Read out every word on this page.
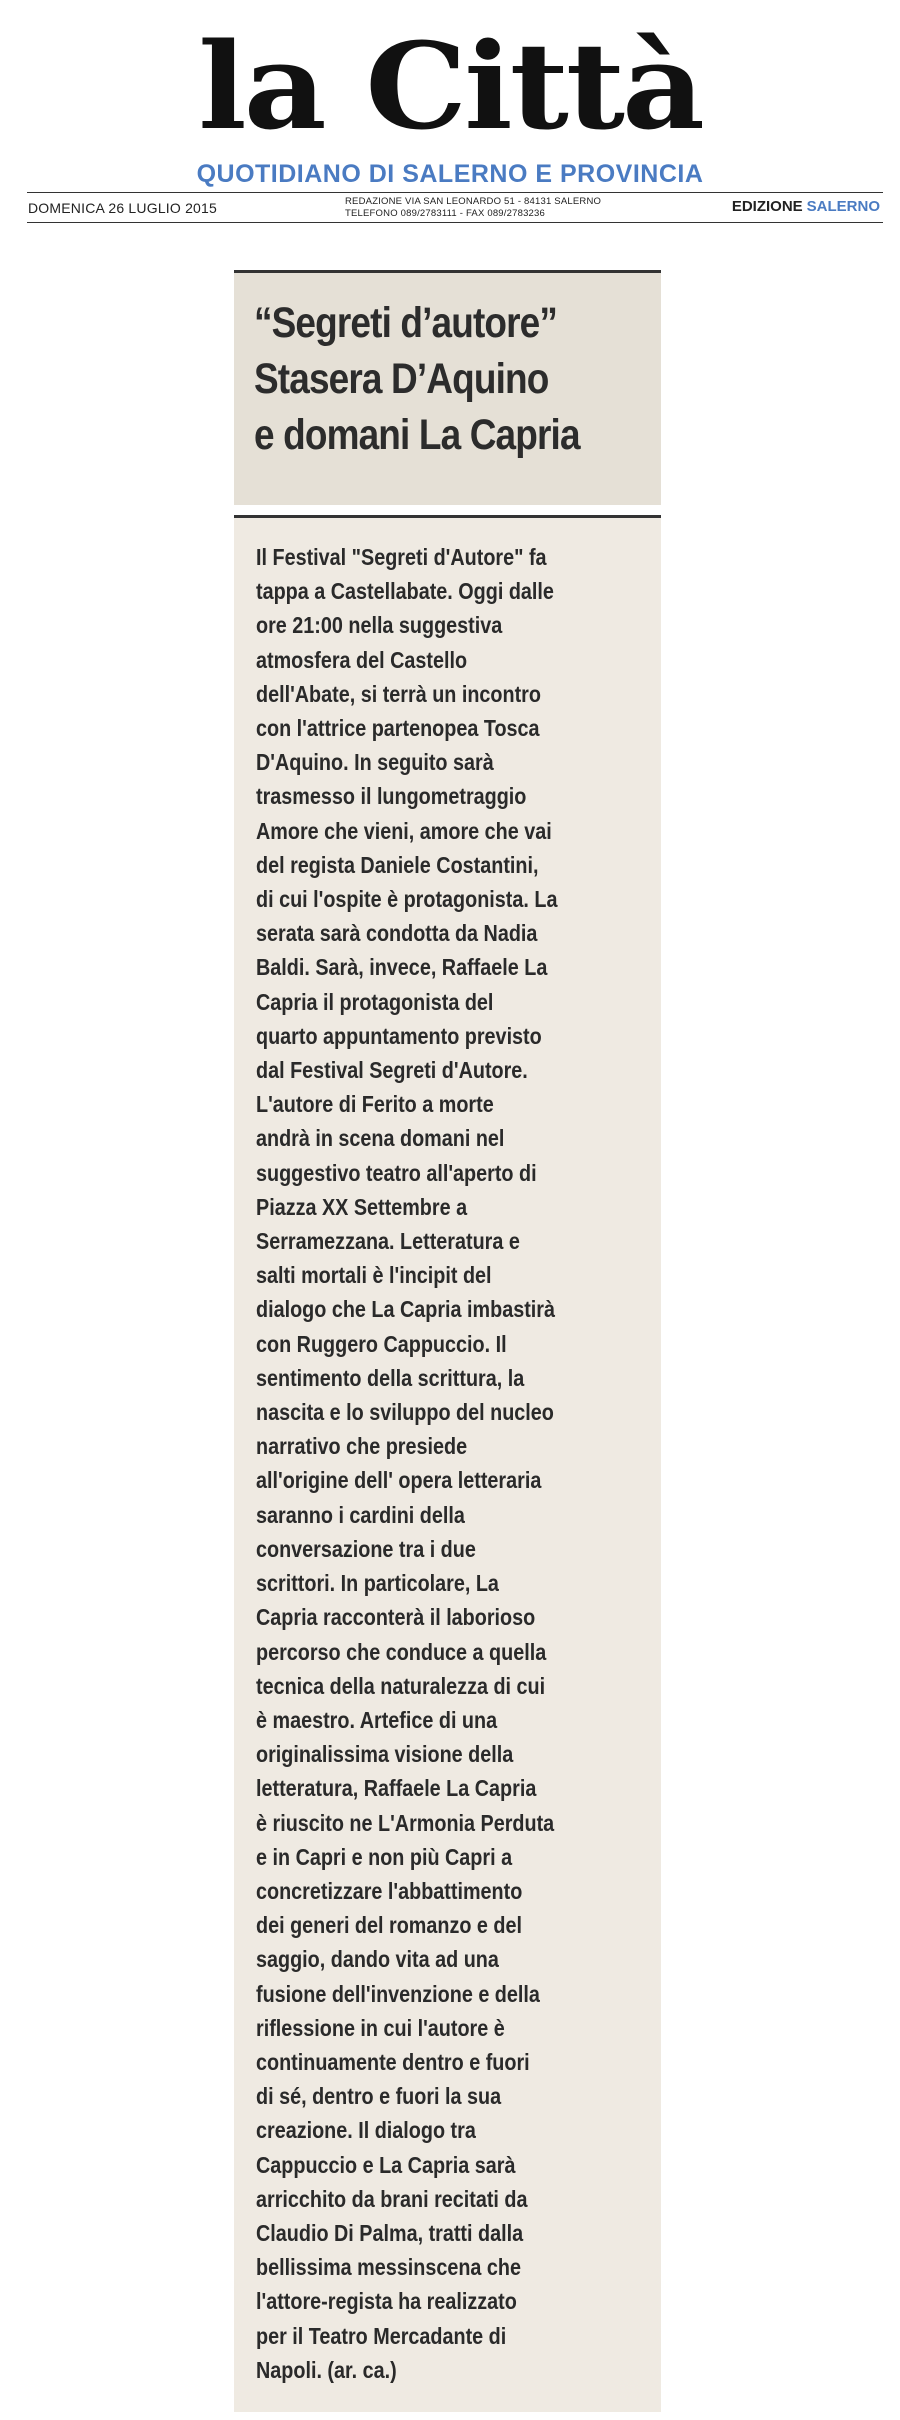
la Città
QUOTIDIANO DI SALERNO E PROVINCIA
DOMENICA 26 LUGLIO 2015	REDAZIONE VIA SAN LEONARDO 51 - 84131 SALERNO
TELEFONO 089/2783111 - FAX 089/2783236	EDIZIONE SALERNO
“Segreti d’autore”
Stasera D’Aquino
e domani La Capria
Il Festival "Segreti d'Autore" fa
tappa a Castellabate. Oggi dalle
ore 21:00 nella suggestiva
atmosfera del Castello
dell'Abate, si terrà un incontro
con l'attrice partenopea Tosca
D'Aquino. In seguito sarà
trasmesso il lungometraggio
Amore che vieni, amore che vai
del regista Daniele Costantini,
di cui l'ospite è protagonista. La
serata sarà condotta da Nadia
Baldi. Sarà, invece, Raffaele La
Capria il protagonista del
quarto appuntamento previsto
dal Festival Segreti d'Autore.
L'autore di Ferito a morte
andrà in scena domani nel
suggestivo teatro all'aperto di
Piazza XX Settembre a
Serramezzana. Letteratura e
salti mortali è l'incipit del
dialogo che La Capria imbastirà
con Ruggero Cappuccio. Il
sentimento della scrittura, la
nascita e lo sviluppo del nucleo
narrativo che presiede
all'origine dell' opera letteraria
saranno i cardini della
conversazione tra i due
scrittori. In particolare, La
Capria racconterà il laborioso
percorso che conduce a quella
tecnica della naturalezza di cui
è maestro. Artefice di una
originalissima visione della
letteratura, Raffaele La Capria
è riuscito ne L'Armonia Perduta
e in Capri e non più Capri a
concretizzare l'abbattimento
dei generi del romanzo e del
saggio, dando vita ad una
fusione dell'invenzione e della
riflessione in cui l'autore è
continuamente dentro e fuori
di sé, dentro e fuori la sua
creazione. Il dialogo tra
Cappuccio e La Capria sarà
arricchito da brani recitati da
Claudio Di Palma, tratti dalla
bellissima messinscena che
l'attore-regista ha realizzato
per il Teatro Mercadante di
Napoli. (ar. ca.)
